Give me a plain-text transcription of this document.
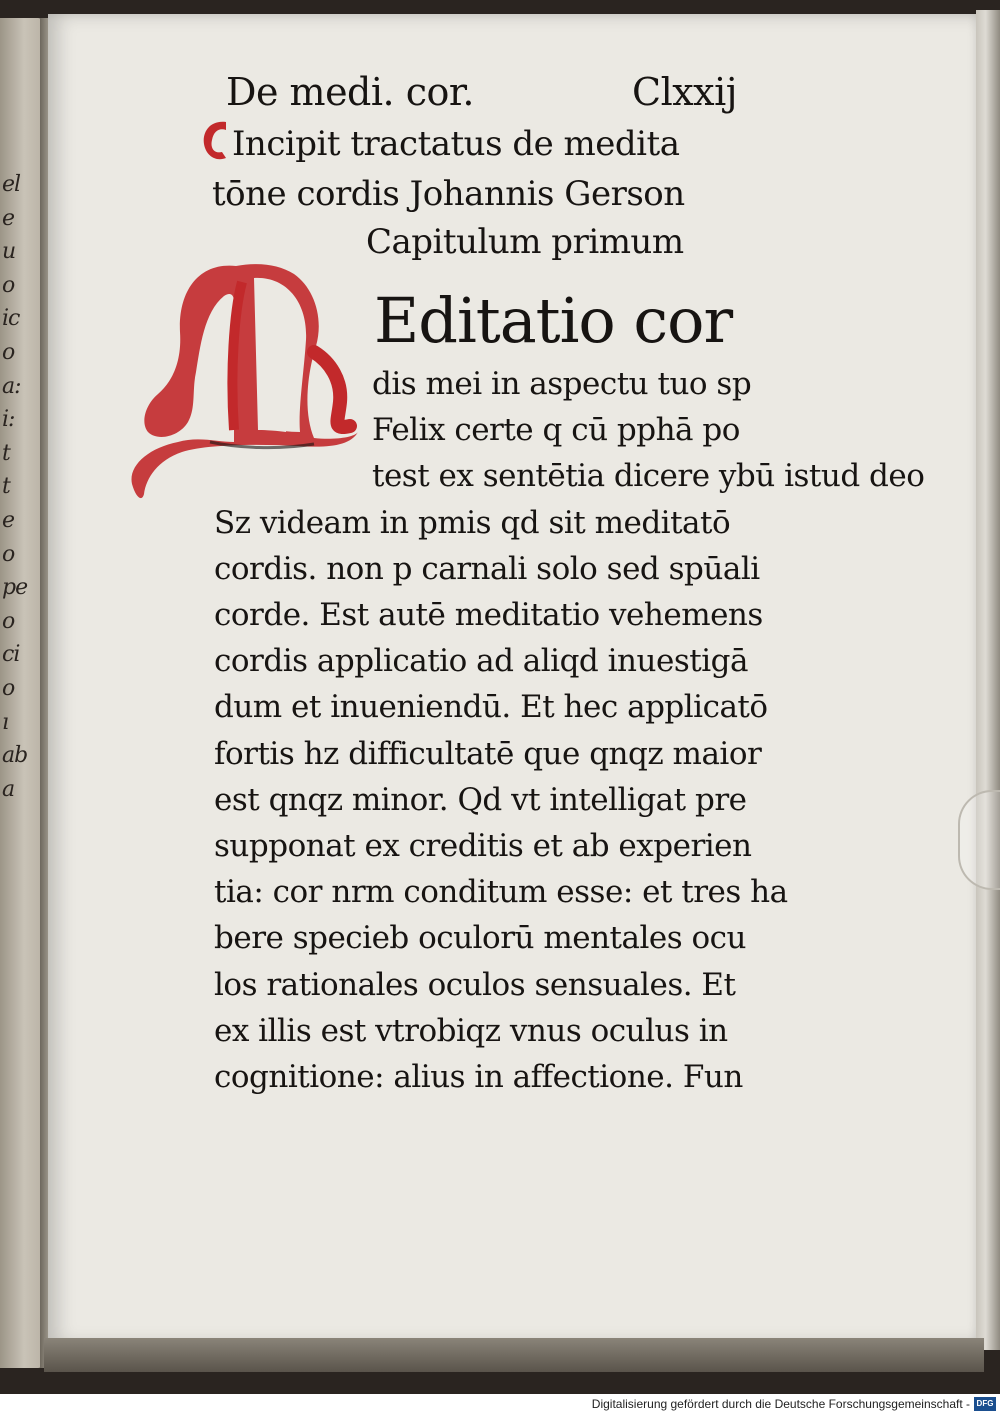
el
e
u
o
ic
o
a:
i:
t
t
e
o
pe
o
ci
o
ı
ab
a
De medi. cor.	Clxxij
Incipit tractatus de medita
tōne cordis Johannis Gerson
Capitulum primum
Editatio cor
dis mei in aspectu tuo sp
Felix certe q cū pphā po
test ex sentētia dicere ybū istud deo
Sz videam in pmis qd sit meditatō
cordis. non p carnali solo sed spūali
corde. Est autē meditatio vehemens
cordis applicatio ad aliqd inuestigā
dum et inueniendū. Et hec applicatō
fortis hz difficultatē que qnqz maior
est qnqz minor. Qd vt intelligat pre
supponat ex creditis et ab experien
tia: cor nrm conditum esse: et tres ha
bere specieb oculorū mentales ocu
los rationales oculos sensuales. Et
ex illis est vtrobiqz vnus oculus in
cognitione: alius in affectione. Fun
Digitalisierung gefördert durch die Deutsche Forschungsgemeinschaft - DFG
